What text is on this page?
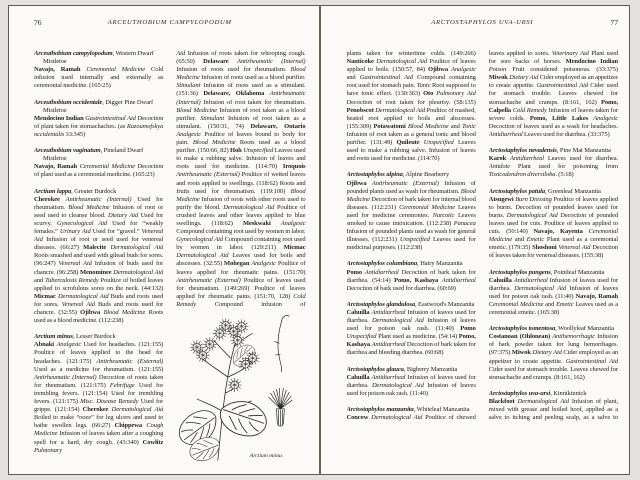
76	ARCEUTHOBIUM CAMPYLOPODUM
Arceuthobium campylopodum, Western Dwarf Mistletoe
Navajo, Ramah Ceremonial Medicine Cold infusion used internally and externally as ceremonial medicine. (165:25)
Arceuthobium occidentale, Digger Pine Dwarf Mistletoe
Mendocino Indian Gastrointestinal Aid Decoction of plant taken for stomachaches. (as Razoumofskya occidentalis 33:345)
Arceuthobium vaginatum, Pineland Dwarf Mistletoe
Navajo, Ramah Ceremonial Medicine Decoction of plant used as a ceremonial medicine. (165:23)
Arctium lappa, Greater Burdock
Cherokee Antirheumatic (Internal) Used for rheumatism. Blood Medicine Infusion of root or seed used to cleanse blood. Dietary Aid Used for scurvy. Gynecological Aid Used for “weakly females.” Urinary Aid Used for “gravel.” Venereal Aid Infusion of root or seed used for venereal diseases. (66:27) Malecite Dermatological Aid Roots smashed and used with gilead buds for sores. (96:247) Venereal Aid Infusion of buds used for chancre. (96:258) Menominee Dermatological Aid and Tuberculosis Remedy Poultice of boiled leaves applied to scrofulous sores on the neck. (44:132) Micmac Dermatological Aid Buds and roots used for sores. Venereal Aid Buds and roots used for chancre. (32:55) Ojibwa Blood Medicine Roots used as a blood medicine. (112:238)
Arctium minus, Lesser Burdock
Abnaki Analgesic Used for headaches. (121:155) Poultice of leaves applied to the head for headaches. (121:175) Antirheumatic (External) Used as a medicine for rheumatism. (121:155) Antirheumatic (Internal) Decoction of roots taken for rheumatism. (121:175) Febrifuge Used for trembling fevers. (121:154) Used for trembling fevers. (121:175) Misc. Disease Remedy Used for grippe. (121:154) Cherokee Dermatological Aid Boiled to make “ooze” for leg ulcers and used to bathe swollen legs. (66:27) Chippewa Cough Medicine Infusion of leaves taken after a coughing spell for a hard, dry cough. (43:340) Cowlitz Pulmonary
Aid Infusion of roots taken for whooping cough. (65:50) Delaware Antirheumatic (Internal) Infusion of roots used for rheumatism. Blood Medicine Infusion of roots used as a blood purifier. Stimulant Infusion of roots used as a stimulant. (151:36) Delaware, Oklahoma Antirheumatic (Internal) Infusion of root taken for rheumatism. Blood Medicine Infusion of root taken as a blood purifier. Stimulant Infusion of root taken as a stimulant. (150:31, 74) Delaware, Ontario Analgesic Poultice of leaves bound to body for pain. Blood Medicine Roots used as a blood purifier. (150:66, 82) Hoh Unspecified Leaves used to make a rubbing salve. Infusion of leaves and roots used for medicine. (114:70) Iroquois Antirheumatic (External) Poultice of wetted leaves and roots applied to swellings. (118:62) Roots and fruits used for rheumatism. (119:100) Blood Medicine Infusion of roots with other roots used to purify the blood. Dermatological Aid Poultice of crushed leaves and other leaves applied to blue swellings. (118:62) Meskwaki Analgesic Compound containing root used by women in labor. Gynecological Aid Compound containing root used by women in labor. (129:211) Micmac Dermatological Aid Leaves used for boils and abscesses. (32:55) Mohegan Analgesic Poultice of leaves applied for rheumatic pains. (151:70) Antirheumatic (External) Poultice of leaves used for rheumatism. (149:269) Poultice of leaves applied for rheumatic pains. (151:70, 128) Cold Remedy Compound infusion of
Arctium minus
77
ARCTOSTAPHYLOS UVA-URSI
plants taken for wintertime colds. (149:266) Nanticoke Dermatological Aid Poultice of leaves applied to boils. (150:57, 84) Ojibwa Analgesic and Gastrointestinal Aid Compound containing root used for stomach pain. Tonic Root supposed to have tonic effect. (130:363) Oto Pulmonary Aid Decoction of root taken for pleurisy. (58:135) Penobscot Dermatological Aid Poultice of mashed, heated root applied to boils and abscesses. (155:309) Potawatomi Blood Medicine and Tonic Infusion of root taken as a general tonic and blood purifier. (131:49) Quileute Unspecified Leaves used to make a rubbing salve. Infusion of leaves and roots used for medicine. (114:70)
Arctostaphylos alpina, Alpine Bearberry
Ojibwa Antirheumatic (External) Infusion of pounded plants used as wash for rheumatism. Blood Medicine Decoction of bark taken for internal blood diseases. (112:231) Ceremonial Medicine Leaves used for medicine ceremonies. Narcotic Leaves smoked to cause intoxication. (112:238) Panacea Infusion of pounded plants used as wash for general illnesses. (112:231) Unspecified Leaves used for medicinal purposes. (112:238)
Arctostaphylos columbiana, Hairy Manzanita
Pomo Antidiarrheal Decoction of bark taken for diarrhea. (54:14) Pomo, Kashaya Antidiarrheal Decoction of bark used for diarrhea. (60:69)
Arctostaphylos glandulosa, Eastwood's Manzanita
Cahuilla Antidiarrheal Infusion of leaves used for diarrhea. Dermatological Aid Infusion of leaves used for poison oak rash. (11:40) Pomo Unspecified Plant used as medicine. (54:14) Pomo, Kashaya Antidiarrheal Decoction of bark taken for diarrhea and bleeding diarrhea. (60:68)
Arctostaphylos glauca, Bigberry Manzanita
Cahuilla Antidiarrheal Infusion of leaves used for diarrhea. Dermatological Aid Infusion of leaves used for poison oak rash. (11:40)
Arctostaphylos manzanita, Whiteleaf Manzanita
Concow Dermatological Aid Poultice of chewed
leaves applied to sores. Veterinary Aid Plant used for sore backs of horses. Mendocino Indian Poison Fruit considered poisonous. (33:375) Miwok Dietary Aid Cider employed as an appetizer to create appetite. Gastrointestinal Aid Cider used for stomach trouble. Leaves chewed for stomachache and cramps. (8:161, 162) Pomo, Calpella Cold Remedy Infusion of leaves taken for severe colds. Pomo, Little Lakes Analgesic Decoction of leaves used as a wash for headaches. Antidiarrheal Leaves used for diarrhea. (33:375)
Arctostaphylos nevadensis, Pine Mat Manzanita
Karok Antidiarrheal Leaves used for diarrhea. Antidote Plant used for poisoning from Toxicodendron diversiloba. (5:18)
Arctostaphylos patula, Greenleaf Manzanita
Atsugewi Burn Dressing Poultice of leaves applied to burns. Decoction of pounded leaves used for burns. Dermatological Aid Decoction of pounded leaves used for cuts. Poultice of leaves applied to cuts. (50:140) Navajo, Kayenta Ceremonial Medicine and Emetic Plant used as a ceremonial emetic. (179:35) Shoshoni Venereal Aid Decoction of leaves taken for venereal diseases. (155:38)
Arctostaphylos pungens, Pointleaf Manzanita
Cahuilla Antidiarrheal Infusion of leaves used for diarrhea. Dermatological Aid Infusion of leaves used for poison oak rash. (11:40) Navajo, Ramah Ceremonial Medicine and Emetic Leaves used as a ceremonial emetic. (165:38)
Arctostaphylos tomentosa, Woollyleaf Manzanita
Costanoan (Ohlonean) Antihemorrhagic Infusion of bark powder taken for lung hemorrhages. (97:375) Miwok Dietary Aid Cider employed as an appetizer to create appetite. Gastrointestinal Aid Cider used for stomach trouble. Leaves chewed for stomachache and cramps. (8:161, 162)
Arctostaphylos uva-ursi, Kinnikinnick
Blackfoot Dermatological Aid Infusion of plant, mixed with grease and boiled hoof, applied as a salve to itching and peeling scalp, as a salve to
